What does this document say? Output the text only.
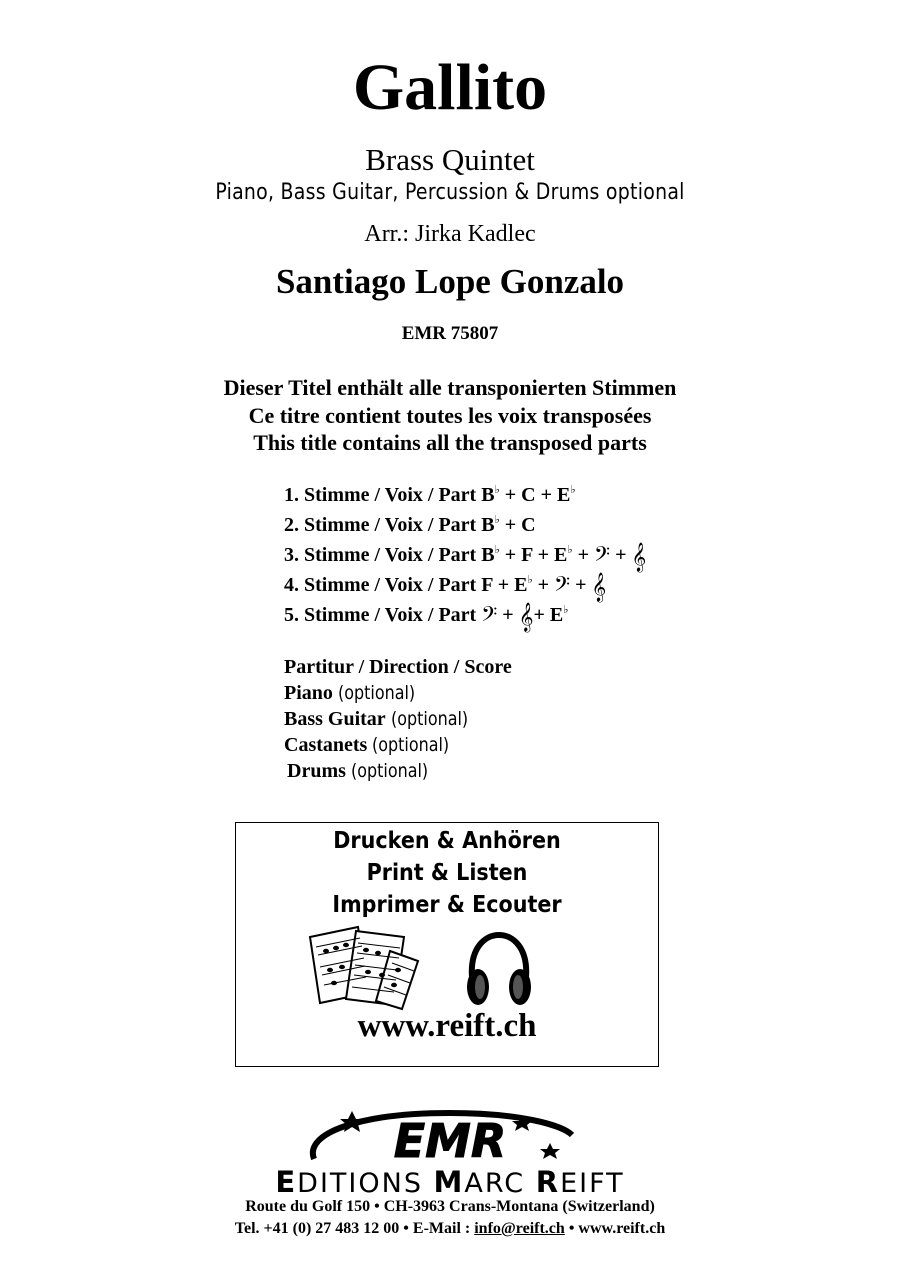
Gallito
Brass Quintet
Piano, Bass Guitar, Percussion & Drums optional
Arr.: Jirka Kadlec
Santiago Lope Gonzalo
EMR 75807
Dieser Titel enthält alle transponierten Stimmen
Ce titre contient toutes les voix transposées
This title contains all the transposed parts
1. Stimme / Voix / Part B♭ + C + E♭
2. Stimme / Voix / Part B♭ + C
3. Stimme / Voix / Part B♭ + F + E♭ + 𝄢 + 𝄞
4. Stimme / Voix / Part F + E♭ + 𝄢 + 𝄞
5. Stimme / Voix / Part 𝄢 + 𝄞+ E♭
Partitur / Direction / Score
Piano (optional)
Bass Guitar (optional)
Castanets (optional)
Drums (optional)
Drucken & Anhören
Print & Listen
Imprimer & Ecouter
www.reift.ch
EMR
EDITIONS MARC REIFT
Route du Golf 150 • CH-3963 Crans-Montana (Switzerland)
Tel. +41 (0) 27 483 12 00 • E-Mail : info@reift.ch • www.reift.ch
